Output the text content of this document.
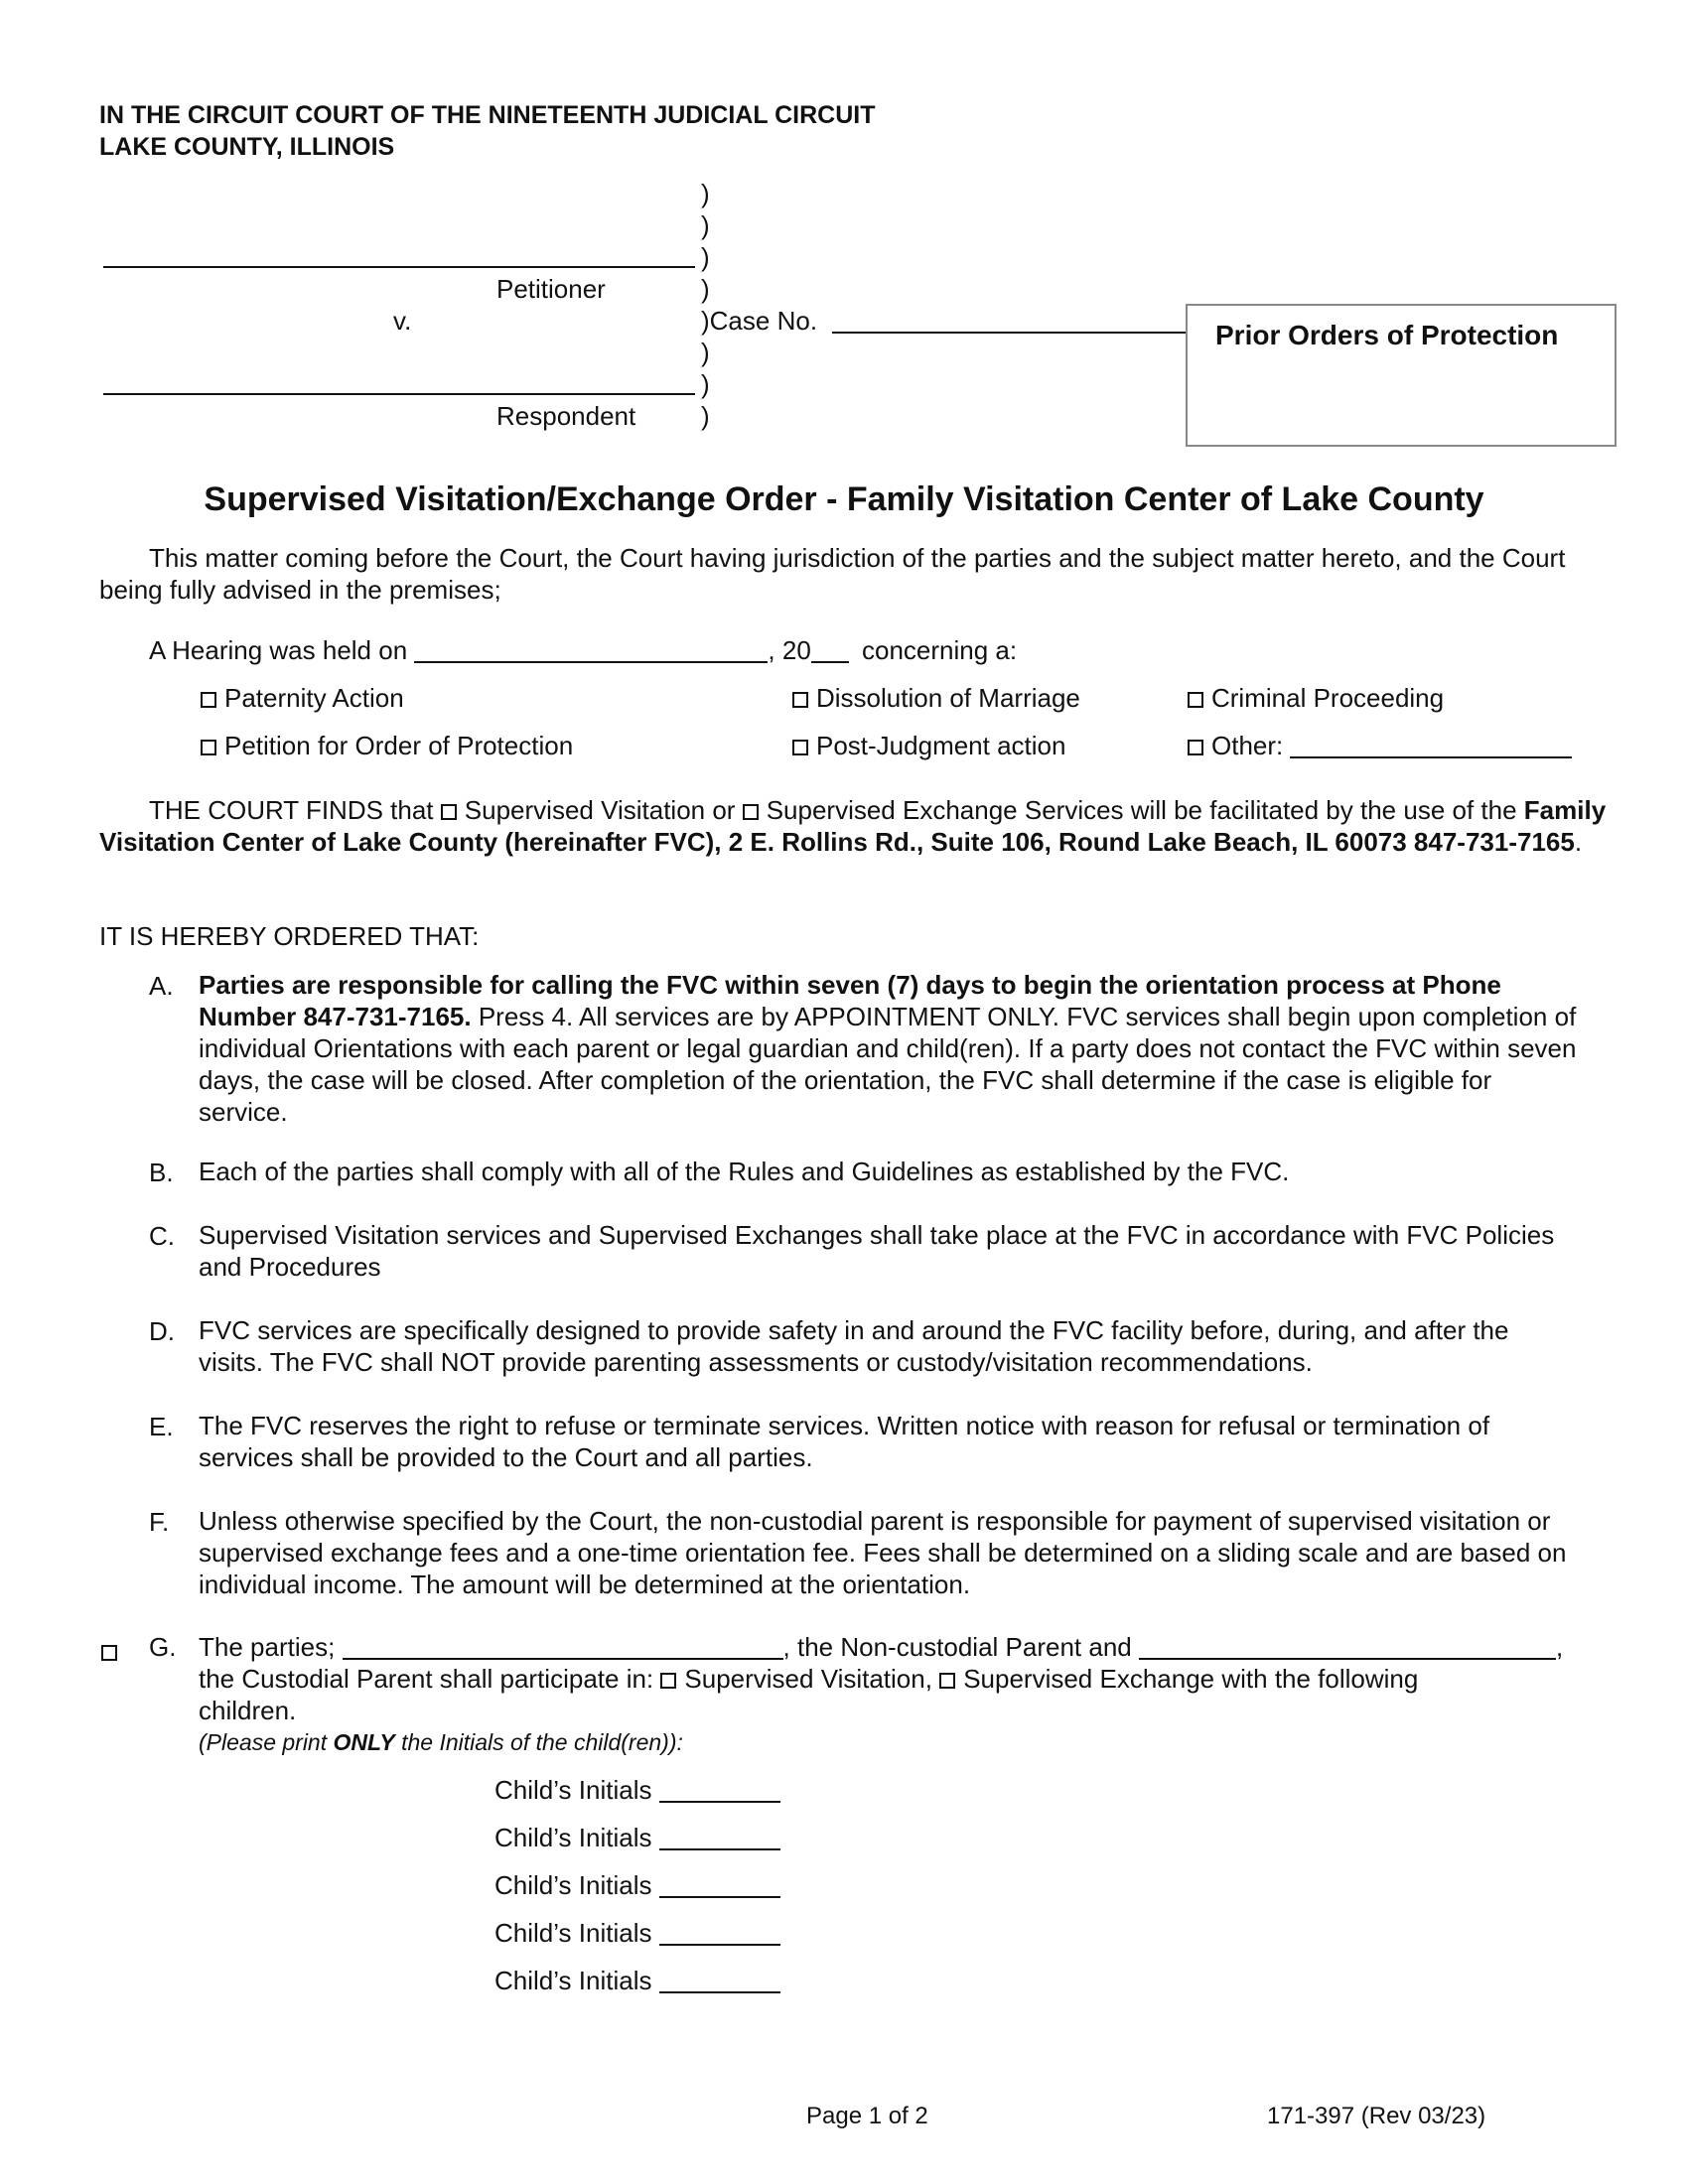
IN THE CIRCUIT COURT OF THE NINETEENTH JUDICIAL CIRCUIT
LAKE COUNTY, ILLINOIS
)
)
)
)
)
)
)
Petitioner
v.	)Case No.
Respondent
Prior Orders of Protection
Supervised Visitation/Exchange Order - Family Visitation Center of Lake County
This matter coming before the Court, the Court having jurisdiction of the parties and the subject matter hereto, and the Court being fully advised in the premises;
A Hearing was held on	, 20 concerning a:
Paternity Action	Dissolution of Marriage	Criminal Proceeding
Petition for Order of Protection	Post-Judgment action	Other:
THE COURT FINDS that Supervised Visitation or Supervised Exchange Services will be facilitated by the use of the Family Visitation Center of Lake County (hereinafter FVC), 2 E. Rollins Rd., Suite 106, Round Lake Beach, IL 60073 847-731-7165.
IT IS HEREBY ORDERED THAT:
A. Parties are responsible for calling the FVC within seven (7) days to begin the orientation process at Phone Number 847-731-7165. Press 4. All services are by APPOINTMENT ONLY. FVC services shall begin upon completion of individual Orientations with each parent or legal guardian and child(ren). If a party does not contact the FVC within seven days, the case will be closed. After completion of the orientation, the FVC shall determine if the case is eligible for service.
B. Each of the parties shall comply with all of the Rules and Guidelines as established by the FVC.
C. Supervised Visitation services and Supervised Exchanges shall take place at the FVC in accordance with FVC Policies and Procedures
D. FVC services are specifically designed to provide safety in and around the FVC facility before, during, and after the visits. The FVC shall NOT provide parenting assessments or custody/visitation recommendations.
E. The FVC reserves the right to refuse or terminate services. Written notice with reason for refusal or termination of services shall be provided to the Court and all parties.
F. Unless otherwise specified by the Court, the non-custodial parent is responsible for payment of supervised visitation or supervised exchange fees and a one-time orientation fee. Fees shall be determined on a sliding scale and are based on individual income. The amount will be determined at the orientation.
G. The parties;	, the Non-custodial Parent and	,
the Custodial Parent shall participate in: Supervised Visitation, Supervised Exchange with the following
children.
(Please print ONLY the Initials of the child(ren)):
Child’s Initials
Child’s Initials
Child’s Initials
Child’s Initials
Child’s Initials
Page 1 of 2	171-397 (Rev 03/23)
